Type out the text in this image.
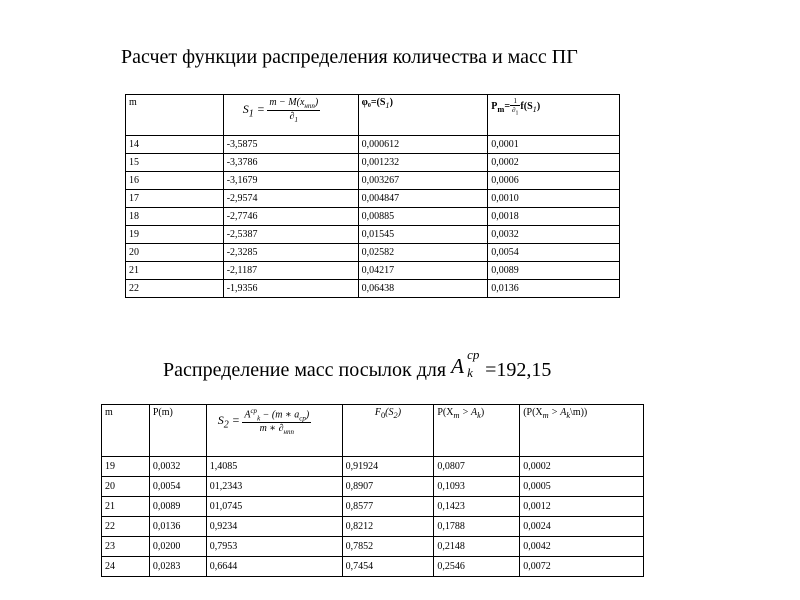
Расчет функции распределения количества и масс ПГ
m	$S_1 = \frac{m - M(x_{нпп})}{\partial_1}$	$\varphi_0=(S_1)$	$P_m= \frac{1}{\partial_1} f(S_1)$
14	-3,5875	0,000612	0,0001
15	-3,3786	0,001232	0,0002
16	-3,1679	0,003267	0,0006
17	-2,9574	0,004847	0,0010
18	-2,7746	0,00885	0,0018
19	-2,5387	0,01545	0,0032
20	-2,3285	0,02582	0,0054
21	-2,1187	0,04217	0,0089
22	-1,9356	0,06438	0,0136
Распределение масс посылок для A cp
k =192,15
m	P(m)	$S_2 = \frac{A^{cp}_k - (m ∗ a_{cp})}{m ∗ \partial_{нпп}}$	$F_0(S_2)$	$P(X_m > A_k)$	($P(X_m$ > $A_k\backslash m$))
19	0,0032	1,4085	0,91924	0,0807	0,0002
20	0,0054	01,2343	0,8907	0,1093	0,0005
21	0,0089	01,0745	0,8577	0,1423	0,0012
22	0,0136	0,9234	0,8212	0,1788	0,0024
23	0,0200	0,7953	0,7852	0,2148	0,0042
24	0,0283	0,6644	0,7454	0,2546	0,0072
